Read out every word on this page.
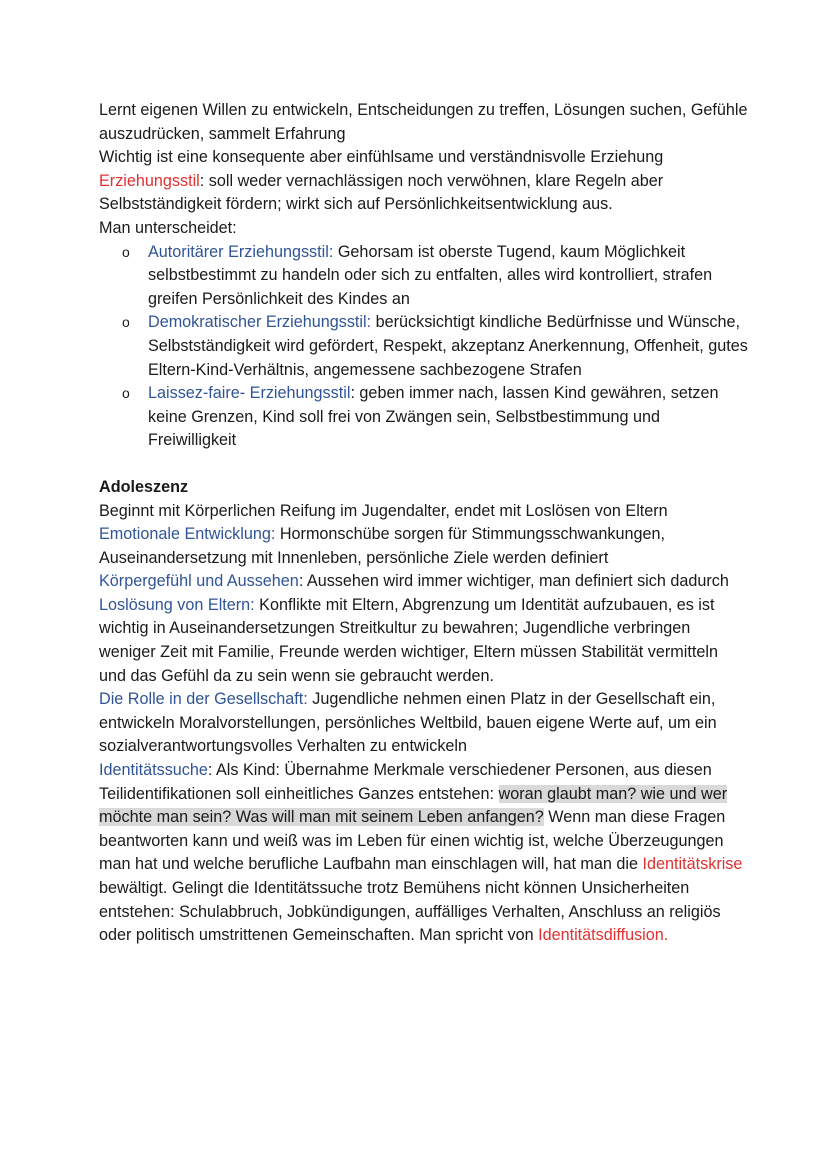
Lernt eigenen Willen zu entwickeln, Entscheidungen zu treffen, Lösungen suchen, Gefühle auszudrücken, sammelt Erfahrung

Wichtig ist eine konsequente aber einfühlsame und verständnisvolle Erziehung

Erziehungsstil: soll weder vernachlässigen noch verwöhnen, klare Regeln aber Selbstständigkeit fördern; wirkt sich auf Persönlichkeitsentwicklung aus.

Man unterscheidet:

o Autoritärer Erziehungsstil: Gehorsam ist oberste Tugend, kaum Möglichkeit selbstbestimmt zu handeln oder sich zu entfalten, alles wird kontrolliert, strafen greifen Persönlichkeit des Kindes an
o Demokratischer Erziehungsstil: berücksichtigt kindliche Bedürfnisse und Wünsche, Selbstständigkeit wird gefördert, Respekt, akzeptanz Anerkennung, Offenheit, gutes Eltern-Kind-Verhältnis, angemessene sachbezogene Strafen
o Laissez-faire- Erziehungsstil: geben immer nach, lassen Kind gewähren, setzen keine Grenzen, Kind soll frei von Zwängen sein, Selbstbestimmung und Freiwilligkeit

Adoleszenz

Beginnt mit Körperlichen Reifung im Jugendalter, endet mit Loslösen von Eltern

Emotionale Entwicklung: Hormonschübe sorgen für Stimmungsschwankungen, Auseinandersetzung mit Innenleben, persönliche Ziele werden definiert

Körpergefühl und Aussehen: Aussehen wird immer wichtiger, man definiert sich dadurch

Loslösung von Eltern: Konflikte mit Eltern, Abgrenzung um Identität aufzubauen, es ist wichtig in Auseinandersetzungen Streitkultur zu bewahren; Jugendliche verbringen weniger Zeit mit Familie, Freunde werden wichtiger, Eltern müssen Stabilität vermitteln und das Gefühl da zu sein wenn sie gebraucht werden.

Die Rolle in der Gesellschaft: Jugendliche nehmen einen Platz in der Gesellschaft ein, entwickeln Moralvorstellungen, persönliches Weltbild, bauen eigene Werte auf, um ein sozialverantwortungsvolles Verhalten zu entwickeln

Identitätssuche: Als Kind: Übernahme Merkmale verschiedener Personen, aus diesen Teilidentifikationen soll einheitliches Ganzes entstehen: woran glaubt man? wie und wer möchte man sein? Was will man mit seinem Leben anfangen? Wenn man diese Fragen beantworten kann und weiß was im Leben für einen wichtig ist, welche Überzeugungen man hat und welche berufliche Laufbahn man einschlagen will, hat man die Identitätskrise bewältigt. Gelingt die Identitätssuche trotz Bemühens nicht können Unsicherheiten entstehen: Schulabbruch, Jobkündigungen, auffälliges Verhalten, Anschluss an religiös oder politisch umstrittenen Gemeinschaften. Man spricht von Identitätsdiffusion.
